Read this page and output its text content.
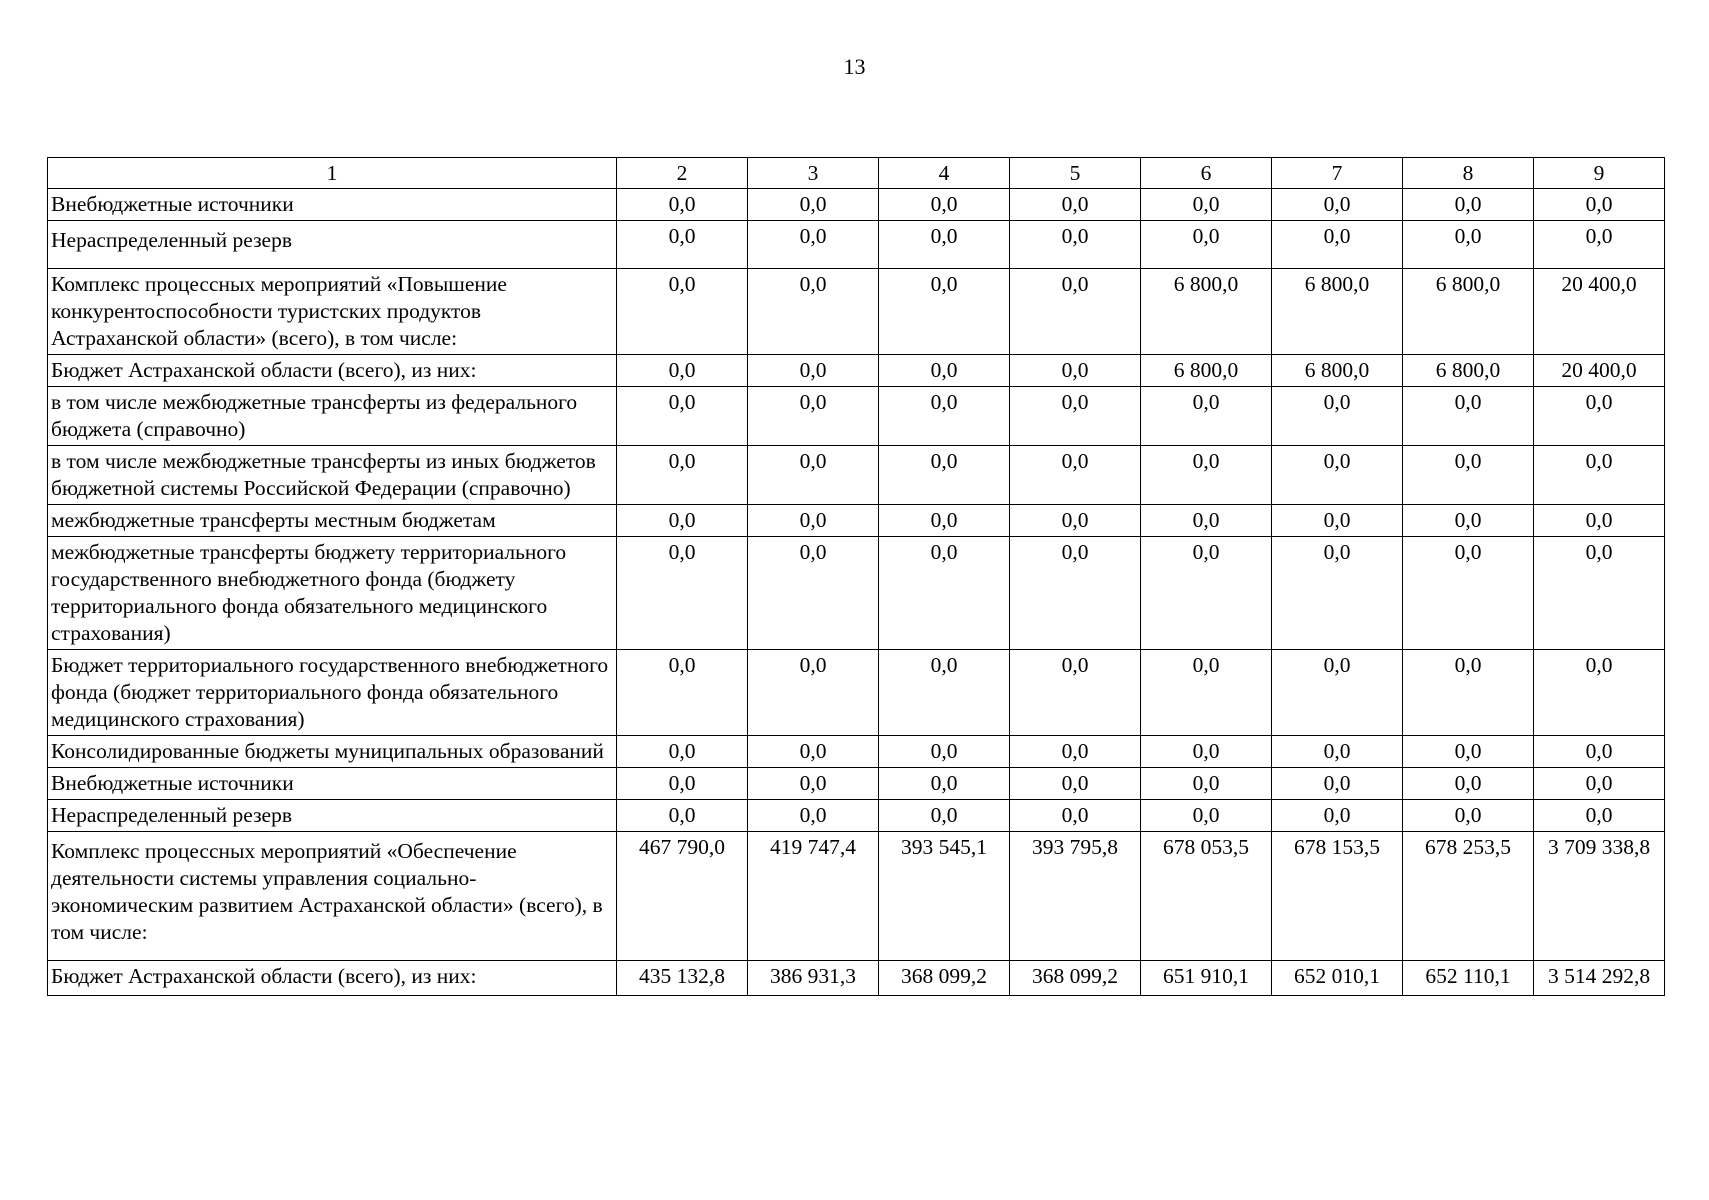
13
1	2	3	4	5	6	7	8	9
Внебюджетные источники	0,0	0,0	0,0	0,0	0,0	0,0	0,0	0,0
Нераспределенный резерв	0,0	0,0	0,0	0,0	0,0	0,0	0,0	0,0
Комплекс процессных мероприятий «Повышение конкурентоспособности туристских продуктов Астраханской области» (всего), в том числе:	0,0	0,0	0,0	0,0	6 800,0	6 800,0	6 800,0	20 400,0
Бюджет Астраханской области (всего), из них:	0,0	0,0	0,0	0,0	6 800,0	6 800,0	6 800,0	20 400,0
в том числе межбюджетные трансферты из федерального бюджета (справочно)	0,0	0,0	0,0	0,0	0,0	0,0	0,0	0,0
в том числе межбюджетные трансферты из иных бюджетов бюджетной системы Российской Федерации (справочно)	0,0	0,0	0,0	0,0	0,0	0,0	0,0	0,0
межбюджетные трансферты местным бюджетам	0,0	0,0	0,0	0,0	0,0	0,0	0,0	0,0
межбюджетные трансферты бюджету территориального государственного внебюджетного фонда (бюджету территориального фонда обязательного медицинского страхования)	0,0	0,0	0,0	0,0	0,0	0,0	0,0	0,0
Бюджет территориального государственного внебюджетного фонда (бюджет территориального фонда обязательного медицинского страхования)	0,0	0,0	0,0	0,0	0,0	0,0	0,0	0,0
Консолидированные бюджеты муниципальных образований	0,0	0,0	0,0	0,0	0,0	0,0	0,0	0,0
Внебюджетные источники	0,0	0,0	0,0	0,0	0,0	0,0	0,0	0,0
Нераспределенный резерв	0,0	0,0	0,0	0,0	0,0	0,0	0,0	0,0
Комплекс процессных мероприятий «Обеспечение деятельности системы управления социально-экономическим развитием Астраханской области» (всего), в том числе:	467 790,0	419 747,4	393 545,1	393 795,8	678 053,5	678 153,5	678 253,5	3 709 338,8
Бюджет Астраханской области (всего), из них:	435 132,8	386 931,3	368 099,2	368 099,2	651 910,1	652 010,1	652 110,1	3 514 292,8
